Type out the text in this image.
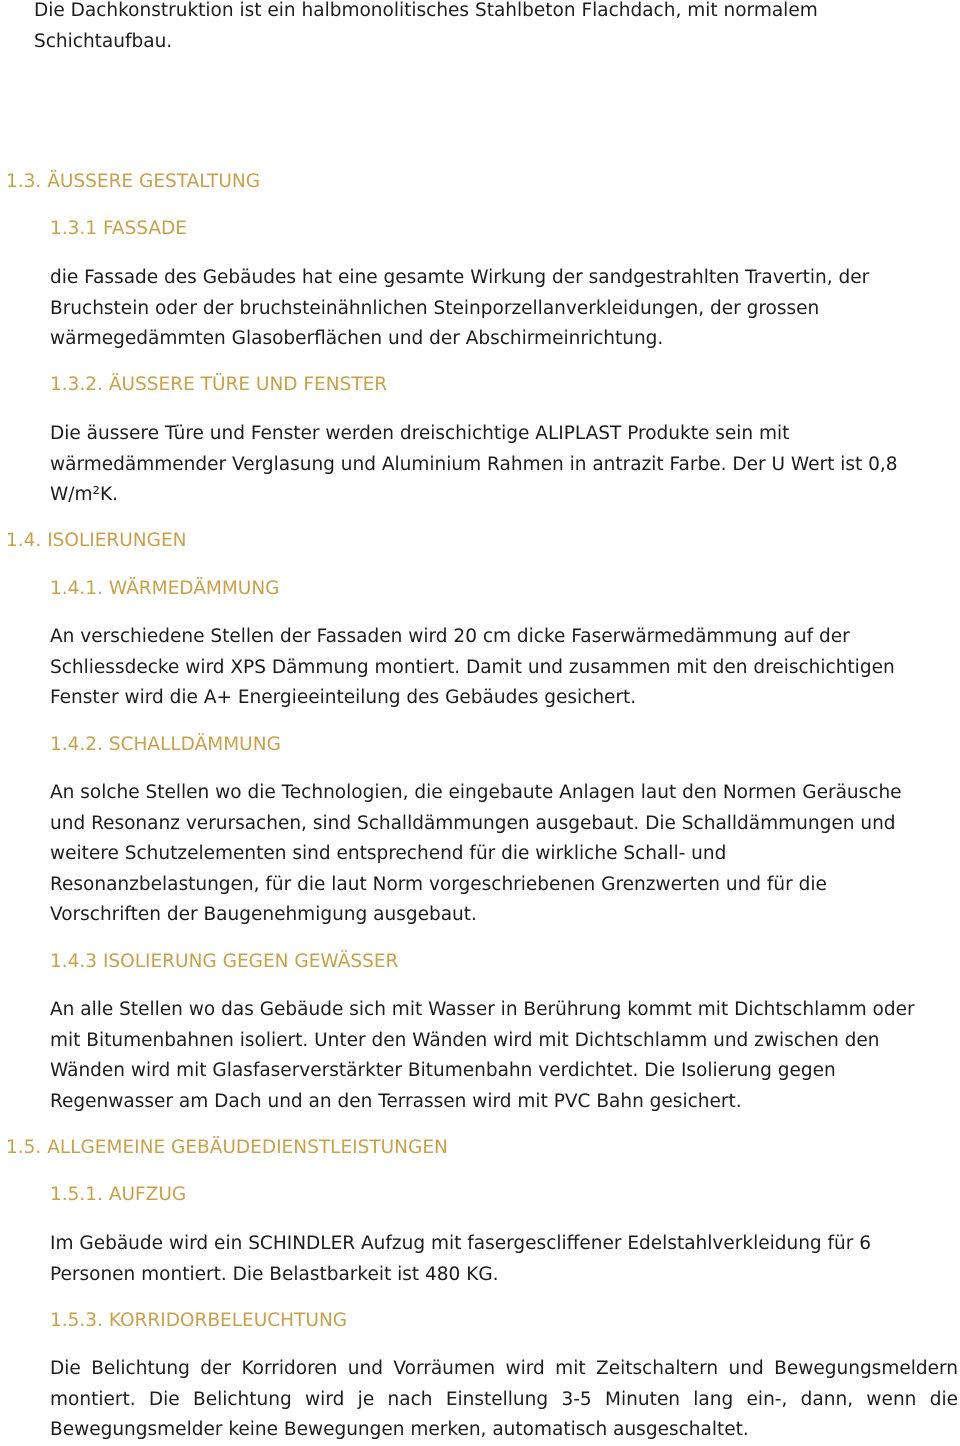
Die Dachkonstruktion ist ein halbmonolitisches Stahlbeton Flachdach, mit normalem Schichtaufbau.

1.3. ÄUSSERE GESTALTUNG
1.3.1 FASSADE

die Fassade des Gebäudes hat eine gesamte Wirkung der sandgestrahlten Travertin, der Bruchstein oder der bruchsteinähnlichen Steinporzellanverkleidungen, der grossen wärmegedämmten Glasoberflächen und der Abschirmeinrichtung.

1.3.2. ÄUSSERE TÜRE UND FENSTER

Die äussere Türe und Fenster werden dreischichtige ALIPLAST Produkte sein mit wärmedämmender Verglasung und Aluminium Rahmen in antrazit Farbe. Der U Wert ist 0,8 W/m²K.

1.4. ISOLIERUNGEN
1.4.1. WÄRMEDÄMMUNG

An verschiedene Stellen der Fassaden wird 20 cm dicke Faserwärmedämmung auf der Schliessdecke wird XPS Dämmung montiert. Damit und zusammen mit den dreischichtigen Fenster wird die A+ Energieeinteilung des Gebäudes gesichert.

1.4.2. SCHALLDÄMMUNG

An solche Stellen wo die Technologien, die eingebaute Anlagen laut den Normen Geräusche und Resonanz verursachen, sind Schalldämmungen ausgebaut. Die Schalldämmungen und weitere Schutzelementen sind entsprechend für die wirkliche Schall- und Resonanzbelastungen, für die laut Norm vorgeschriebenen Grenzwerten und für die Vorschriften der Baugenehmigung ausgebaut.

1.4.3 ISOLIERUNG GEGEN GEWÄSSER

An alle Stellen wo das Gebäude sich mit Wasser in Berührung kommt mit Dichtschlamm oder mit Bitumenbahnen isoliert. Unter den Wänden wird mit Dichtschlamm und zwischen den Wänden wird mit Glasfaserverstärkter Bitumenbahn verdichtet. Die Isolierung gegen Regenwasser am Dach und an den Terrassen wird mit PVC Bahn gesichert.

1.5. ALLGEMEINE GEBÄUDEDIENSTLEISTUNGEN
1.5.1. AUFZUG

Im Gebäude wird ein SCHINDLER Aufzug mit fasergescliffener Edelstahlverkleidung für 6 Personen montiert. Die Belastbarkeit ist 480 KG.

1.5.3. KORRIDORBELEUCHTUNG

Die Belichtung der Korridoren und Vorräumen wird mit Zeitschaltern und Bewegungsmeldern montiert. Die Belichtung wird je nach Einstellung 3-5 Minuten lang ein-, dann, wenn die Bewegungsmelder keine Bewegungen merken, automatisch ausgeschaltet.
